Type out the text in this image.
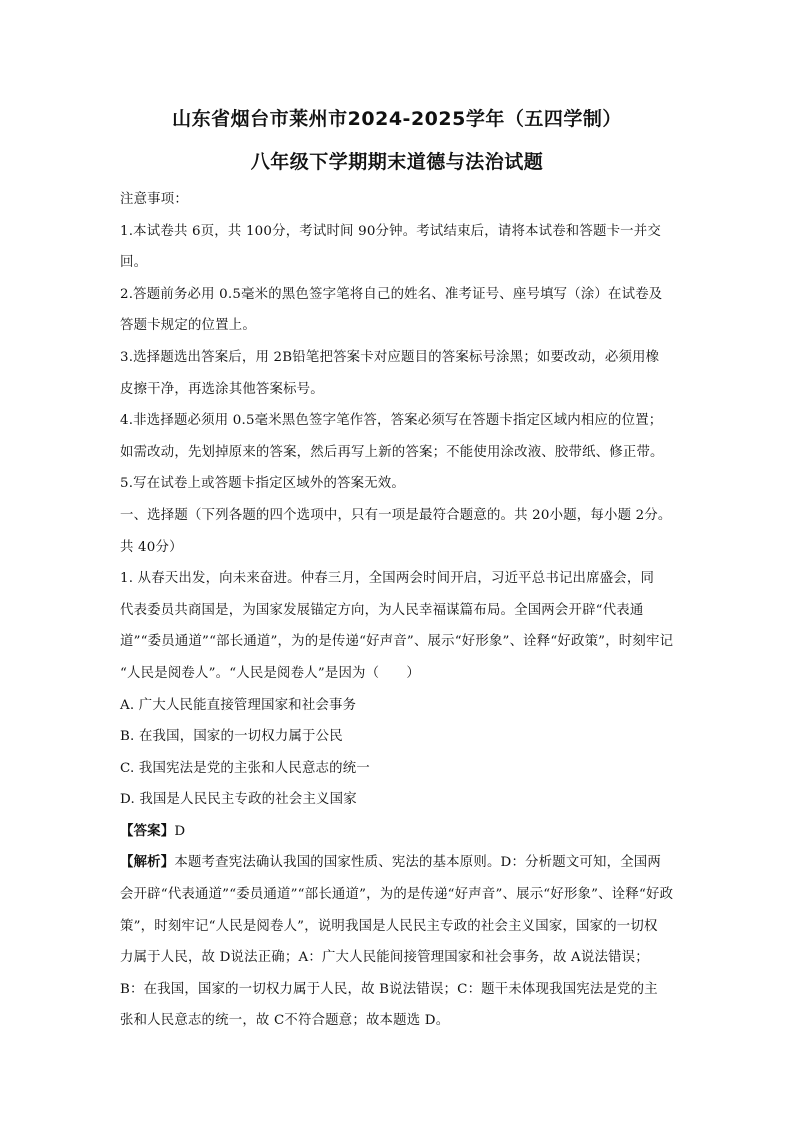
山东省烟台市莱州市2024-2025学年（五四学制）
八年级下学期期末道德与法治试题
注意事项：
1.本试卷共 6页，共 100分，考试时间 90分钟。考试结束后，请将本试卷和答题卡一并交
回。
2.答题前务必用 0.5毫米的黑色签字笔将自己的姓名、准考证号、座号填写（涂）在试卷及
答题卡规定的位置上。
3.选择题选出答案后，用 2B铅笔把答案卡对应题目的答案标号涂黑；如要改动，必须用橡
皮擦干净，再选涂其他答案标号。
4.非选择题必须用 0.5毫米黑色签字笔作答，答案必须写在答题卡指定区域内相应的位置；
如需改动，先划掉原来的答案，然后再写上新的答案；不能使用涂改液、胶带纸、修正带。
5.写在试卷上或答题卡指定区域外的答案无效。
一、选择题（下列各题的四个选项中，只有一项是最符合题意的。共 20小题，每小题 2分。
共 40分）
1. 从春天出发，向未来奋进。仲春三月，全国两会时间开启，习近平总书记出席盛会，同
代表委员共商国是，为国家发展锚定方向，为人民幸福谋篇布局。全国两会开辟“代表通
道”“委员通道”“部长通道”，为的是传递“好声音”、展示“好形象”、诠释“好政策”，时刻牢记
“人民是阅卷人”。“人民是阅卷人”是因为（　　）
A. 广大人民能直接管理国家和社会事务
B. 在我国，国家的一切权力属于公民
C. 我国宪法是党的主张和人民意志的统一
D. 我国是人民民主专政的社会主义国家
【答案】D
【解析】本题考查宪法确认我国的国家性质、宪法的基本原则。D：分析题文可知，全国两
会开辟“代表通道”“委员通道”“部长通道”，为的是传递“好声音”、展示“好形象”、诠释“好政
策”，时刻牢记“人民是阅卷人”，说明我国是人民民主专政的社会主义国家，国家的一切权
力属于人民，故 D说法正确；A：广大人民能间接管理国家和社会事务，故 A说法错误；
B：在我国，国家的一切权力属于人民，故 B说法错误；C：题干未体现我国宪法是党的主
张和人民意志的统一，故 C不符合题意；故本题选 D。
